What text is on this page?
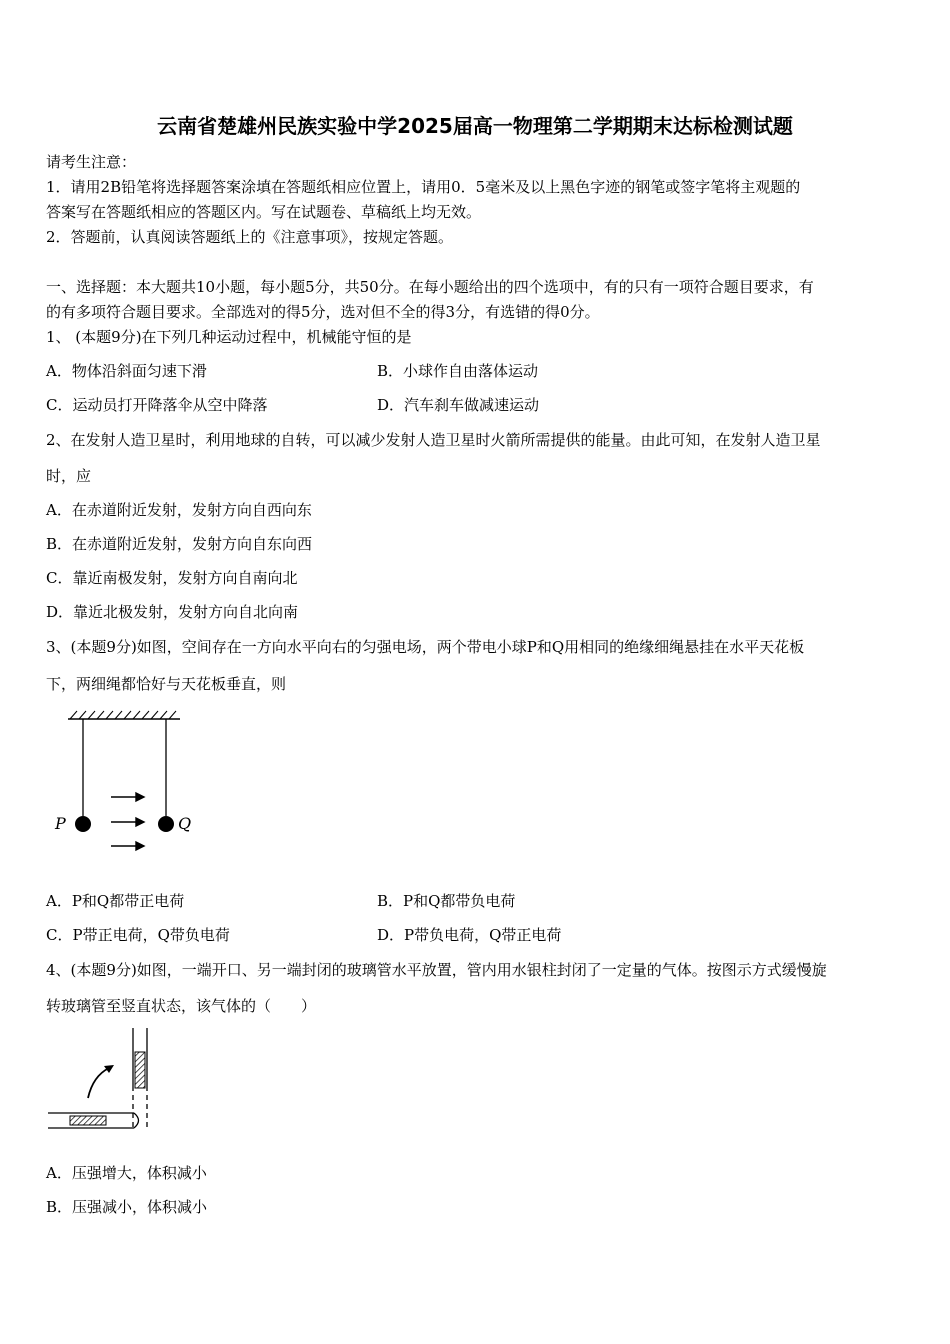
云南省楚雄州民族实验中学2025届高一物理第二学期期末达标检测试题
请考生注意：
1．请用2B铅笔将选择题答案涂填在答题纸相应位置上，请用0．5毫米及以上黑色字迹的钢笔或签字笔将主观题的
答案写在答题纸相应的答题区内。写在试题卷、草稿纸上均无效。
2．答题前，认真阅读答题纸上的《注意事项》，按规定答题。
一、选择题：本大题共10小题，每小题5分，共50分。在每小题给出的四个选项中，有的只有一项符合题目要求，有
的有多项符合题目要求。全部选对的得5分，选对但不全的得3分，有选错的得0分。
1、 (本题9分)在下列几种运动过程中，机械能守恒的是
A．物体沿斜面匀速下滑	B．小球作自由落体运动
C．运动员打开降落伞从空中降落	D．汽车刹车做减速运动
2、在发射人造卫星时，利用地球的自转，可以减少发射人造卫星时火箭所需提供的能量。由此可知，在发射人造卫星
时，应
A．在赤道附近发射，发射方向自西向东
B．在赤道附近发射，发射方向自东向西
C．靠近南极发射，发射方向自南向北
D．靠近北极发射，发射方向自北向南
3、(本题9分)如图，空间存在一方向水平向右的匀强电场，两个带电小球P和Q用相同的绝缘细绳悬挂在水平天花板
下，两细绳都恰好与天花板垂直，则
P	Q
A．P和Q都带正电荷	B．P和Q都带负电荷
C．P带正电荷，Q带负电荷	D．P带负电荷，Q带正电荷
4、(本题9分)如图，一端开口、另一端封闭的玻璃管水平放置，管内用水银柱封闭了一定量的气体。按图示方式缓慢旋
转玻璃管至竖直状态，该气体的（　　）
A．压强增大，体积减小
B．压强减小，体积减小
